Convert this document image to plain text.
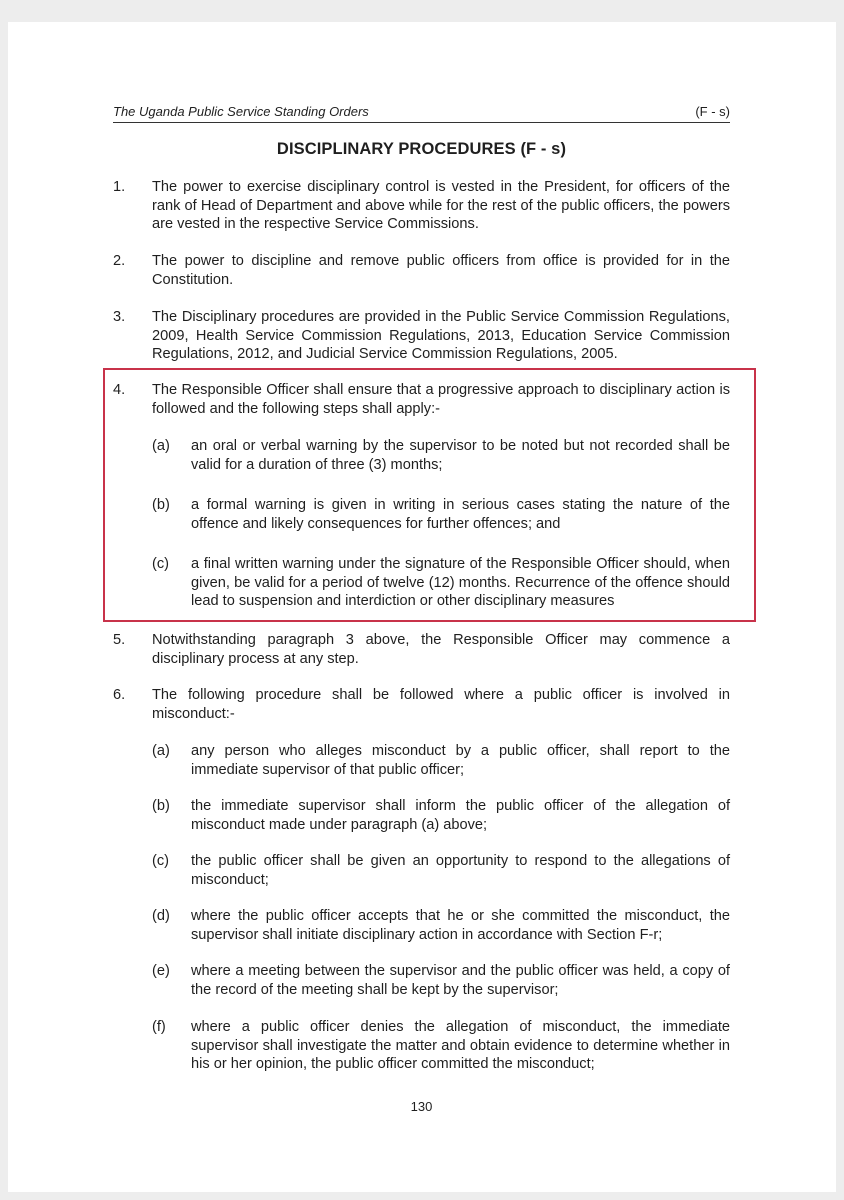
The Uganda Public Service Standing Orders	(F - s)
DISCIPLINARY PROCEDURES (F - s)
1. The power to exercise disciplinary control is vested in the President, for officers of the rank of Head of Department and above while for the rest of the public officers, the powers are vested in the respective Service Commissions.
2. The power to discipline and remove public officers from office is provided for in the Constitution.
3. The Disciplinary procedures are provided in the Public Service Commission Regulations, 2009, Health Service Commission Regulations, 2013, Education Service Commission Regulations, 2012, and Judicial Service Commission Regulations, 2005.
4. The Responsible Officer shall ensure that a progressive approach to disciplinary action is followed and the following steps shall apply:-
(a) an oral or verbal warning by the supervisor to be noted but not recorded shall be valid for a duration of three (3) months;
(b) a formal warning is given in writing in serious cases stating the nature of the offence and likely consequences for further offences; and
(c) a final written warning under the signature of the Responsible Officer should, when given, be valid for a period of twelve (12) months. Recurrence of the offence should lead to suspension and interdiction or other disciplinary measures
5. Notwithstanding paragraph 3 above, the Responsible Officer may commence a disciplinary process at any step.
6. The following procedure shall be followed where a public officer is involved in misconduct:-
(a) any person who alleges misconduct by a public officer, shall report to the immediate supervisor of that public officer;
(b) the immediate supervisor shall inform the public officer of the allegation of misconduct made under paragraph (a) above;
(c) the public officer shall be given an opportunity to respond to the allegations of misconduct;
(d) where the public officer accepts that he or she committed the misconduct, the supervisor shall initiate disciplinary action in accordance with Section F-r;
(e) where a meeting between the supervisor and the public officer was held, a copy of the record of the meeting shall be kept by the supervisor;
(f) where a public officer denies the allegation of misconduct, the immediate supervisor shall investigate the matter and obtain evidence to determine whether in his or her opinion, the public officer committed the misconduct;
130
